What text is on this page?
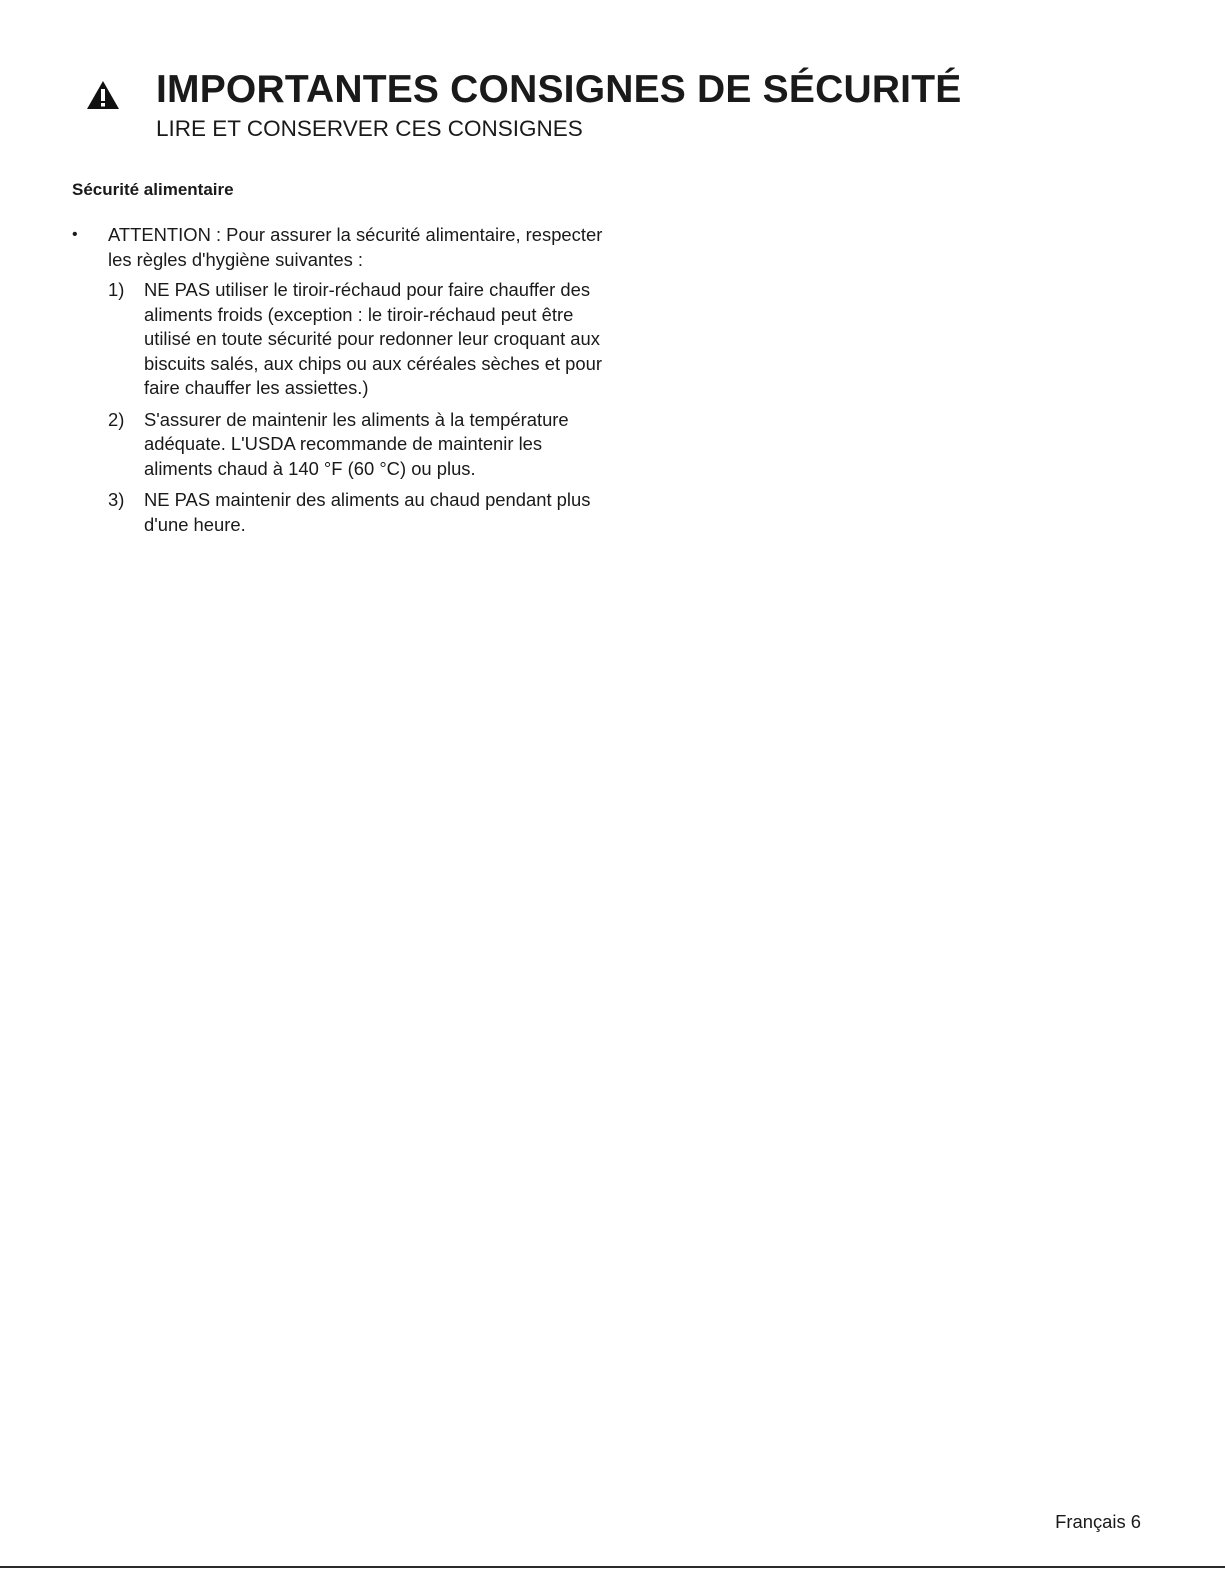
IMPORTANTES CONSIGNES DE SÉCURITÉ
LIRE ET CONSERVER CES CONSIGNES
Sécurité alimentaire
• ATTENTION : Pour assurer la sécurité alimentaire, respecter les règles d'hygiène suivantes :

1) NE PAS utiliser le tiroir-réchaud pour faire chauffer des aliments froids (exception : le tiroir-réchaud peut être utilisé en toute sécurité pour redonner leur croquant aux biscuits salés, aux chips ou aux céréales sèches et pour faire chauffer les assiettes.)
2) S'assurer de maintenir les aliments à la température adéquate. L'USDA recommande de maintenir les aliments chaud à 140 °F (60 °C) ou plus.
3) NE PAS maintenir des aliments au chaud pendant plus d'une heure.
Français 6
